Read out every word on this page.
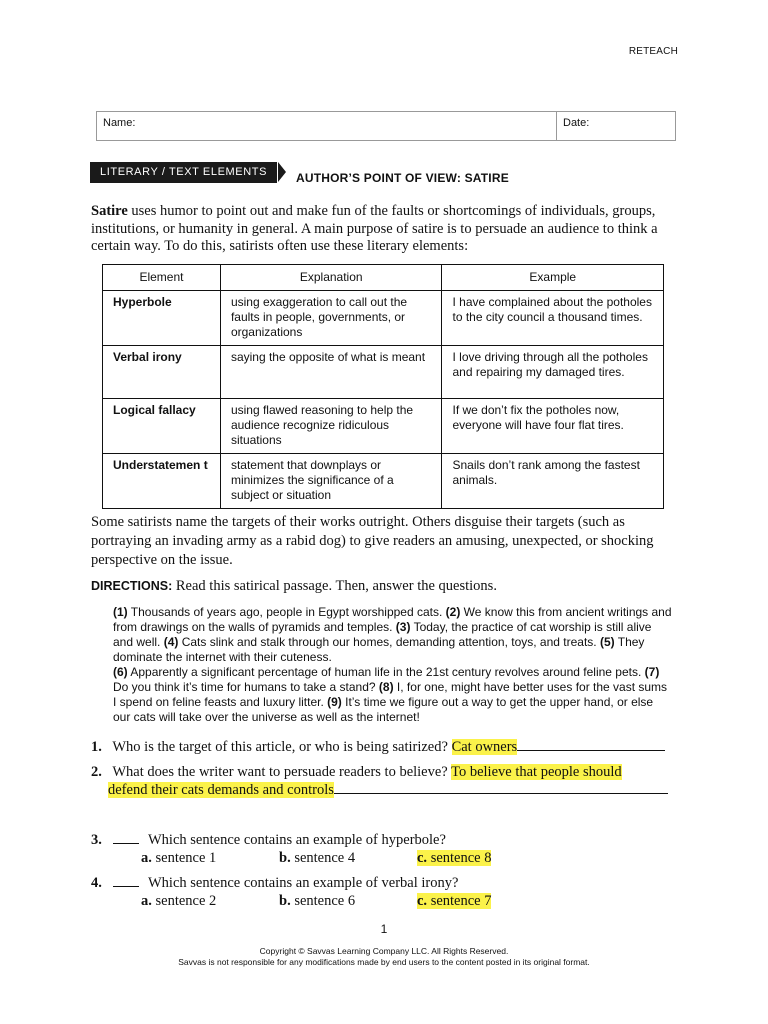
RETEACH
Name:	Date:
LITERARY / TEXT ELEMENTS	AUTHOR’S POINT OF VIEW: SATIRE
Satire uses humor to point out and make fun of the faults or shortcomings of individuals, groups, institutions, or humanity in general. A main purpose of satire is to persuade an audience to think a certain way. To do this, satirists often use these literary elements:
Element	Explanation	Example
Hyperbole	using exaggeration to call out the faults in people, governments, or organizations	I have complained about the potholes to the city council a thousand times.
Verbal irony	saying the opposite of what is meant	I love driving through all the potholes and repairing my damaged tires.
Logical fallacy	using flawed reasoning to help the audience recognize ridiculous situations	If we don’t fix the potholes now, everyone will have four flat tires.
Understatemen t	statement that downplays or minimizes the significance of a subject or situation	Snails don’t rank among the fastest animals.
Some satirists name the targets of their works outright. Others disguise their targets (such as portraying an invading army as a rabid dog) to give readers an amusing, unexpected, or shocking perspective on the issue.
DIRECTIONS: Read this satirical passage. Then, answer the questions.
(1) Thousands of years ago, people in Egypt worshipped cats. (2) We know this from ancient writings and from drawings on the walls of pyramids and temples. (3) Today, the practice of cat worship is still alive and well. (4) Cats slink and stalk through our homes, demanding attention, toys, and treats. (5) They dominate the internet with their cuteness.
(6) Apparently a significant percentage of human life in the 21st century revolves around feline pets. (7) Do you think it’s time for humans to take a stand? (8) I, for one, might have better uses for the vast sums I spend on feline feasts and luxury litter. (9) It’s time we figure out a way to get the upper hand, or else our cats will take over the universe as well as the internet!
1. Who is the target of this article, or who is being satirized? Cat owners
2. What does the writer want to persuade readers to believe? To believe that people should
defend their cats demands and controls
3.	Which sentence contains an example of hyperbole?
a. sentence 1	b. sentence 4	c. sentence 8
4.	Which sentence contains an example of verbal irony?
a. sentence 2	b. sentence 6	c. sentence 7
1
Copyright © Savvas Learning Company LLC. All Rights Reserved.
Savvas is not responsible for any modifications made by end users to the content posted in its original format.
